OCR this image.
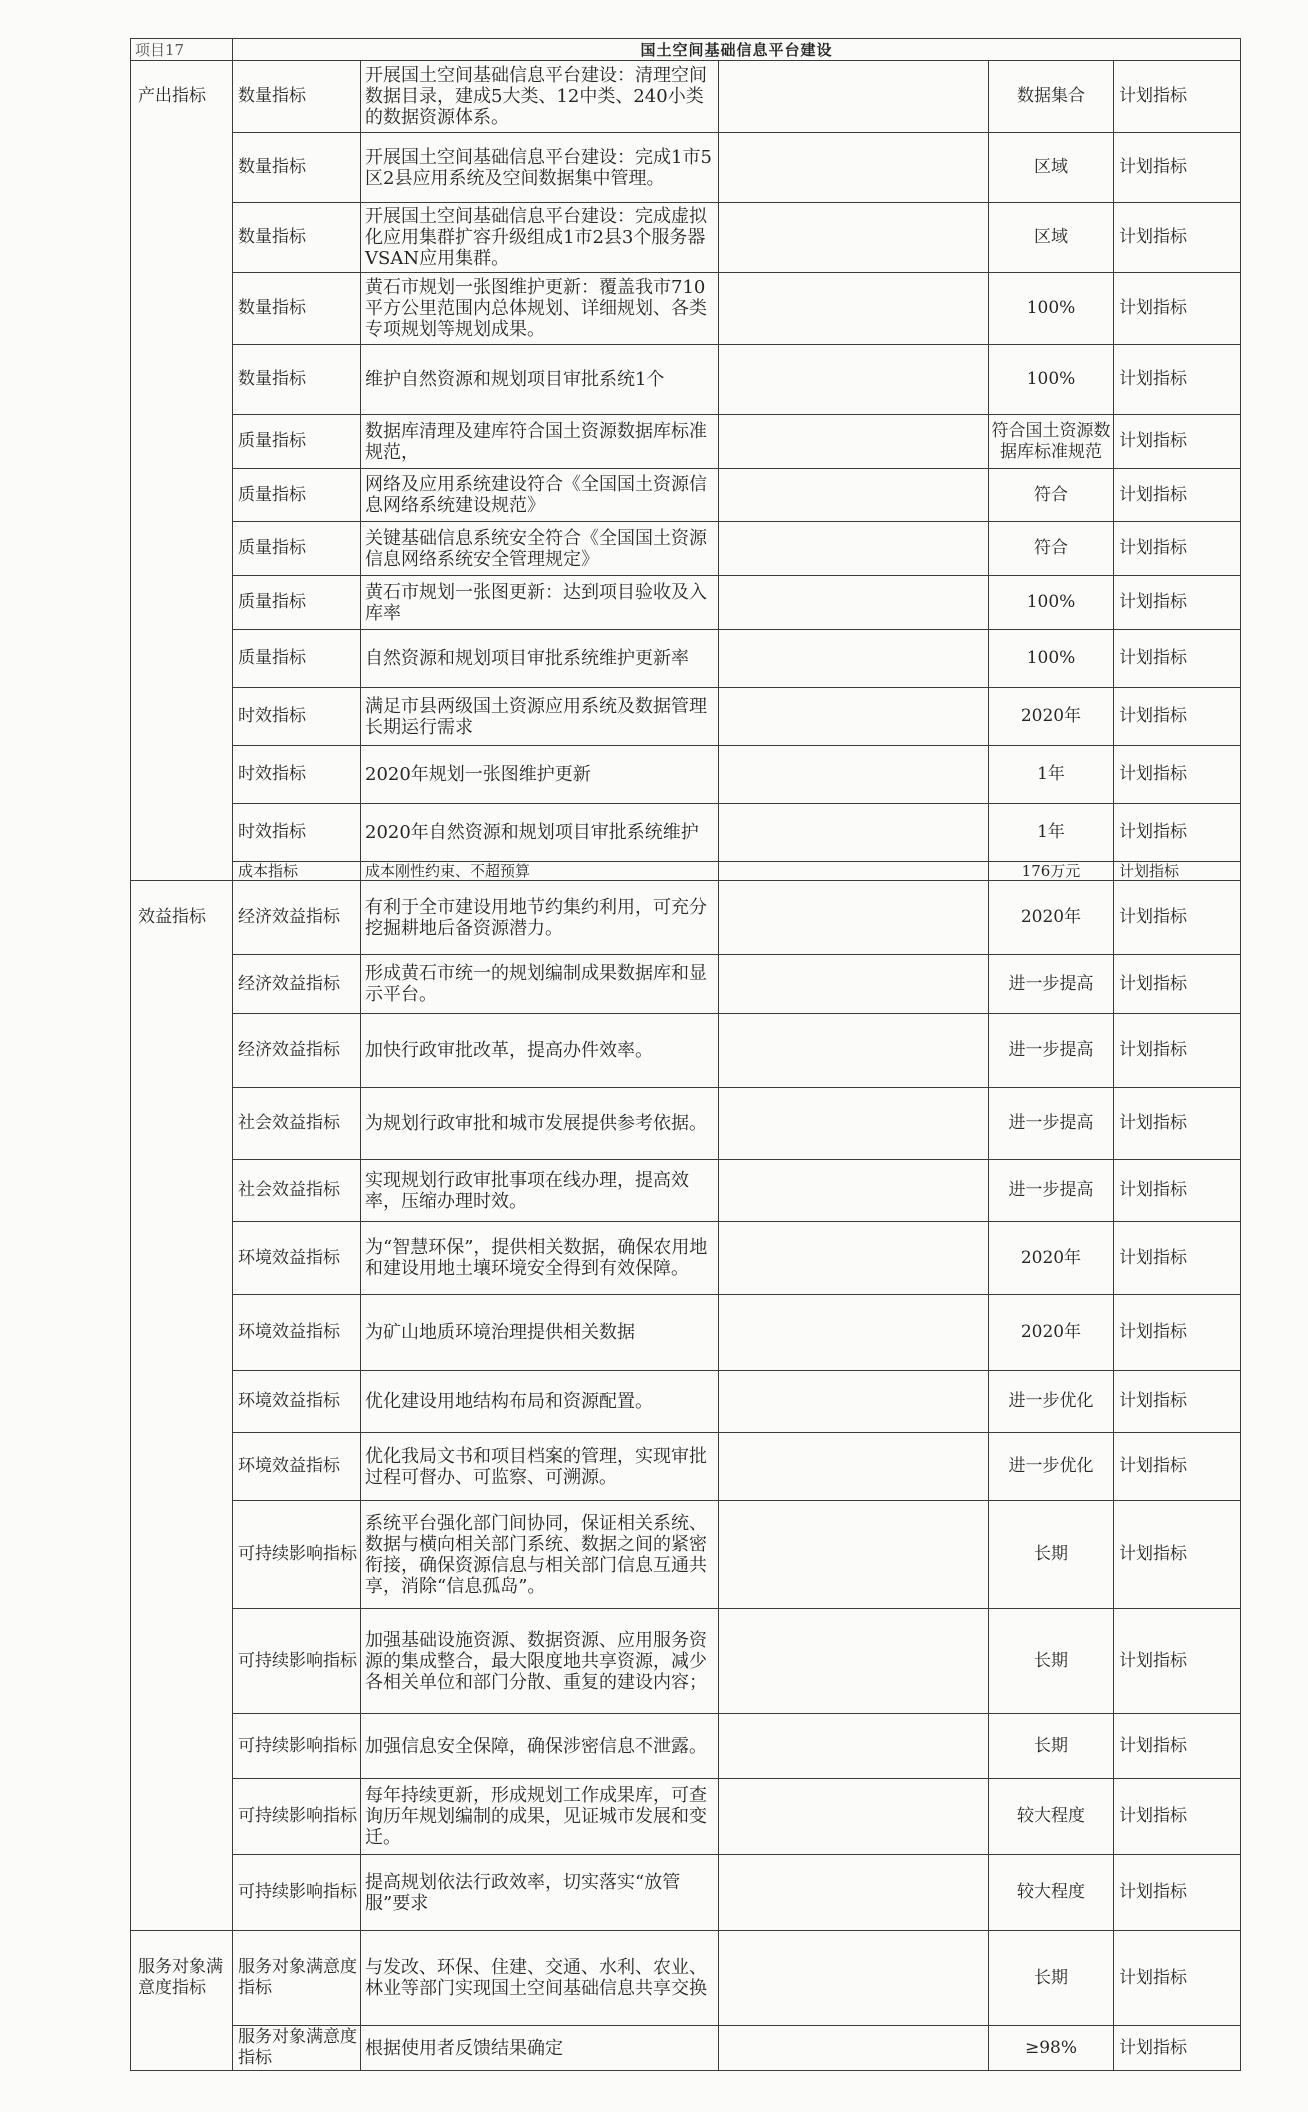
项目17	国土空间基础信息平台建设				
产出指标	数量指标	开展国土空间基础信息平台建设：清理空间数据目录，建成5大类、12中类、240小类的数据资源体系。		数据集合	计划指标
	数量指标	开展国土空间基础信息平台建设：完成1市5区2县应用系统及空间数据集中管理。		区域	计划指标
	数量指标	开展国土空间基础信息平台建设：完成虚拟化应用集群扩容升级组成1市2县3个服务器VSAN应用集群。		区域	计划指标
	数量指标	黄石市规划一张图维护更新：覆盖我市710平方公里范围内总体规划、详细规划、各类专项规划等规划成果。		100%	计划指标
	数量指标	维护自然资源和规划项目审批系统1个		100%	计划指标
	质量指标	数据库清理及建库符合国土资源数据库标准规范，		符合国土资源数据库标准规范	计划指标
	质量指标	网络及应用系统建设符合《全国国土资源信息网络系统建设规范》		符合	计划指标
	质量指标	关键基础信息系统安全符合《全国国土资源信息网络系统安全管理规定》		符合	计划指标
	质量指标	黄石市规划一张图更新：达到项目验收及入库率		100%	计划指标
	质量指标	自然资源和规划项目审批系统维护更新率		100%	计划指标
	时效指标	满足市县两级国土资源应用系统及数据管理长期运行需求		2020年	计划指标
	时效指标	2020年规划一张图维护更新		1年	计划指标
	时效指标	2020年自然资源和规划项目审批系统维护		1年	计划指标
	成本指标	成本刚性约束、不超预算		176万元	计划指标
效益指标	经济效益指标	有利于全市建设用地节约集约利用，可充分挖掘耕地后备资源潜力。		2020年	计划指标
	经济效益指标	形成黄石市统一的规划编制成果数据库和显示平台。		进一步提高	计划指标
	经济效益指标	加快行政审批改革，提高办件效率。		进一步提高	计划指标
	社会效益指标	为规划行政审批和城市发展提供参考依据。		进一步提高	计划指标
	社会效益指标	实现规划行政审批事项在线办理，提高效率，压缩办理时效。		进一步提高	计划指标
	环境效益指标	为“智慧环保”，提供相关数据，确保农用地和建设用地土壤环境安全得到有效保障。		2020年	计划指标
	环境效益指标	为矿山地质环境治理提供相关数据		2020年	计划指标
	环境效益指标	优化建设用地结构布局和资源配置。		进一步优化	计划指标
	环境效益指标	优化我局文书和项目档案的管理，实现审批过程可督办、可监察、可溯源。		进一步优化	计划指标
	可持续影响指标	系统平台强化部门间协同，保证相关系统、数据与横向相关部门系统、数据之间的紧密衔接，确保资源信息与相关部门信息互通共享，消除“信息孤岛”。		长期	计划指标
	可持续影响指标	加强基础设施资源、数据资源、应用服务资源的集成整合，最大限度地共享资源，减少各相关单位和部门分散、重复的建设内容；		长期	计划指标
	可持续影响指标	加强信息安全保障，确保涉密信息不泄露。		长期	计划指标
	可持续影响指标	每年持续更新，形成规划工作成果库，可查询历年规划编制的成果，见证城市发展和变迁。		较大程度	计划指标
	可持续影响指标	提高规划依法行政效率，切实落实“放管服”要求		较大程度	计划指标
服务对象满意度指标	服务对象满意度指标	与发改、环保、住建、交通、水利、农业、林业等部门实现国土空间基础信息共享交换		长期	计划指标
	服务对象满意度指标	根据使用者反馈结果确定		≥98%	计划指标
